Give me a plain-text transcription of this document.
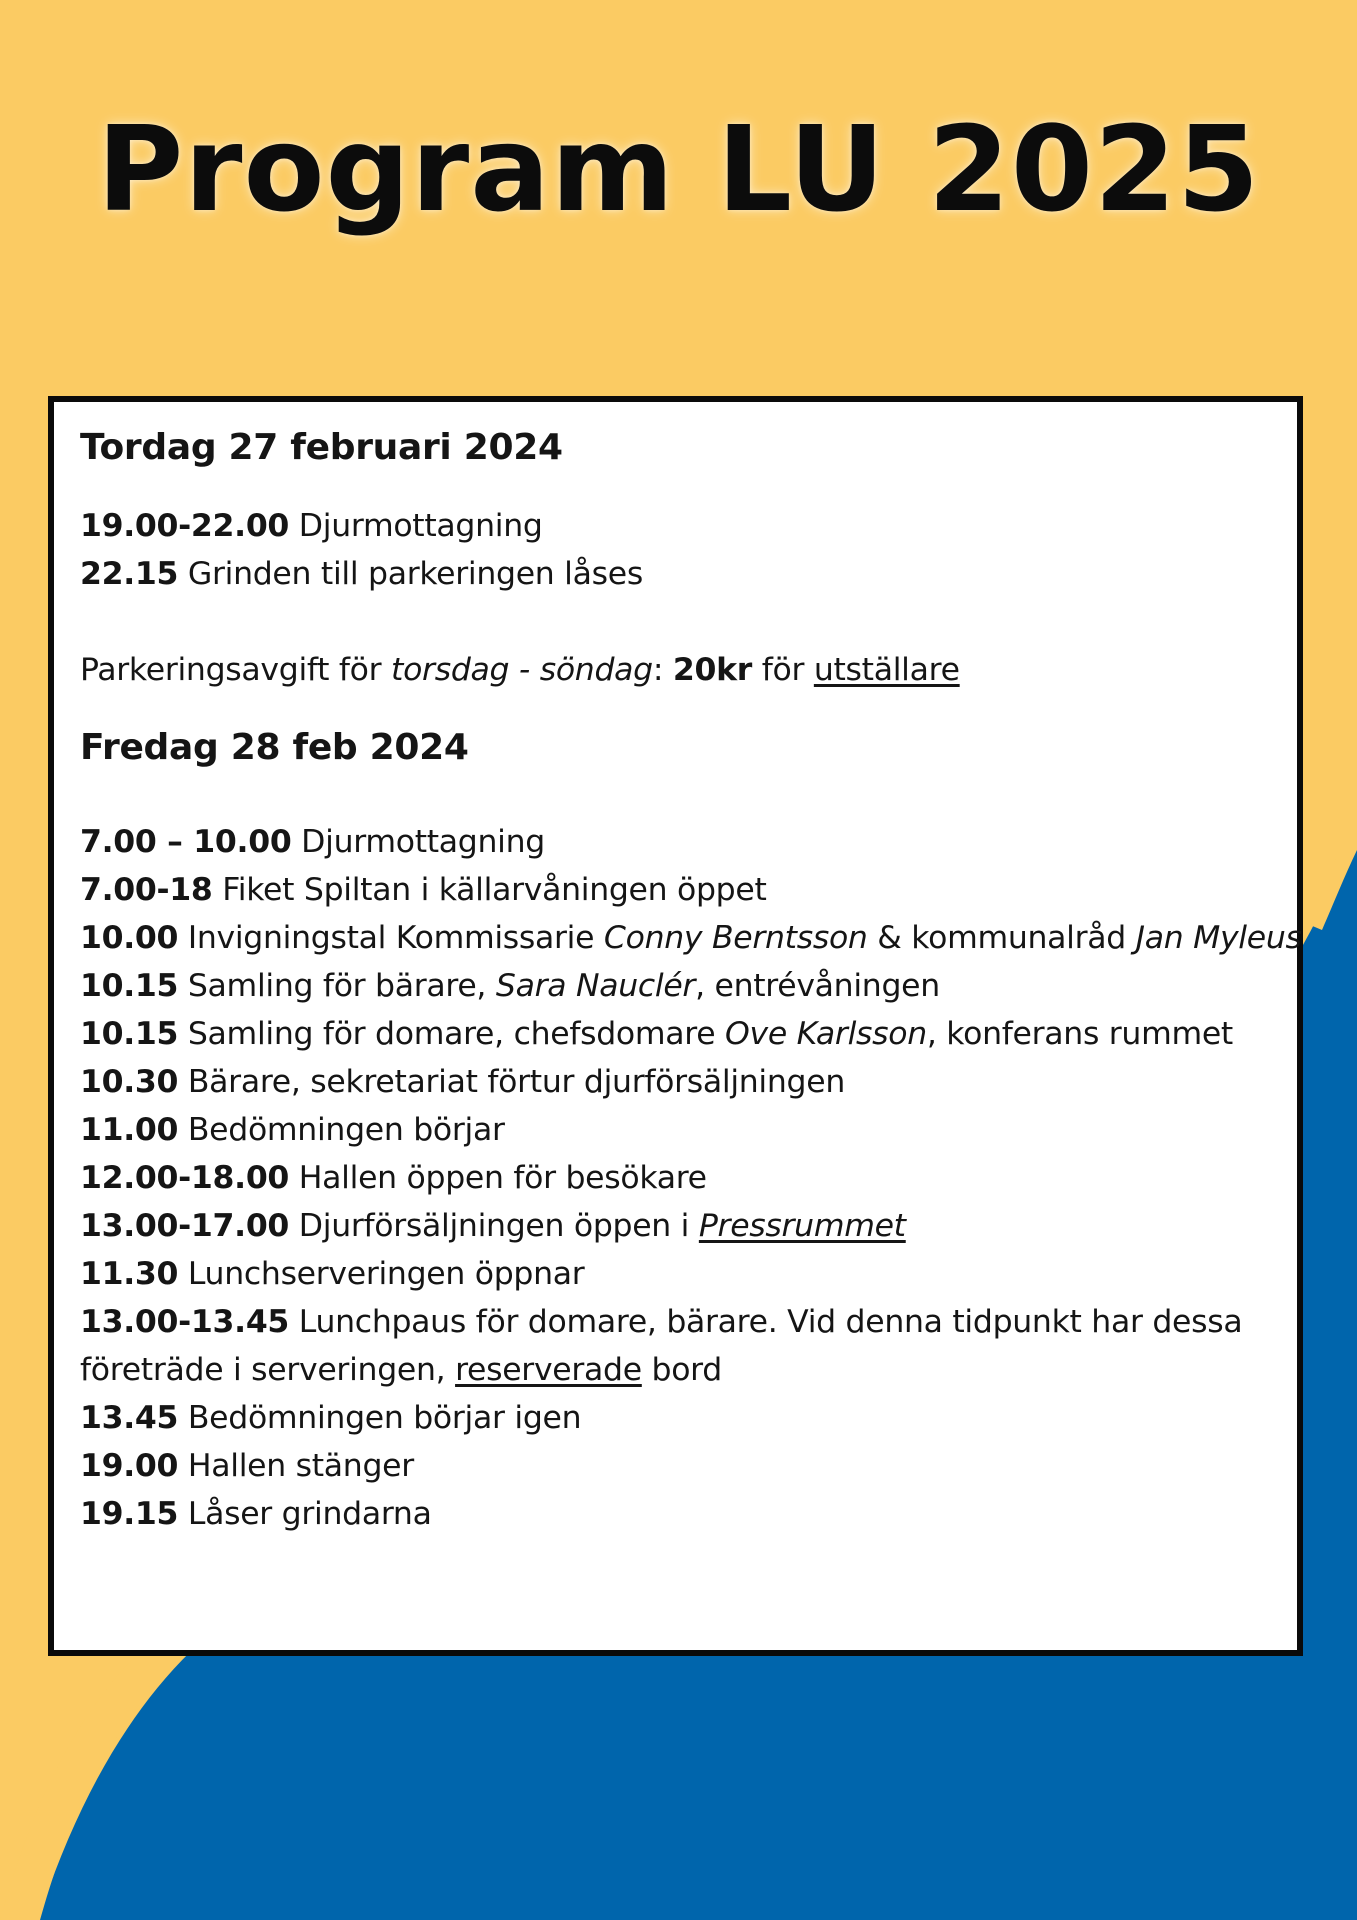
Program LU 2025
Tordag 27 februari 2024
19.00-22.00 Djurmottagning
22.15 Grinden till parkeringen låses
Parkeringsavgift för torsdag - söndag: 20kr för utställare
Fredag 28 feb 2024
7.00 – 10.00 Djurmottagning
7.00-18 Fiket Spiltan i källarvåningen öppet
10.00 Invigningstal Kommissarie Conny Berntsson & kommunalråd Jan Myleus
10.15 Samling för bärare, Sara Nauclér, entrévåningen
10.15 Samling för domare, chefsdomare Ove Karlsson, konferans rummet
10.30 Bärare, sekretariat förtur djurförsäljningen
11.00 Bedömningen börjar
12.00-18.00 Hallen öppen för besökare
13.00-17.00 Djurförsäljningen öppen i Pressrummet
11.30 Lunchserveringen öppnar
13.00-13.45 Lunchpaus för domare, bärare. Vid denna tidpunkt har dessa företräde i serveringen, reserverade bord
13.45 Bedömningen börjar igen
19.00 Hallen stänger
19.15 Låser grindarna
